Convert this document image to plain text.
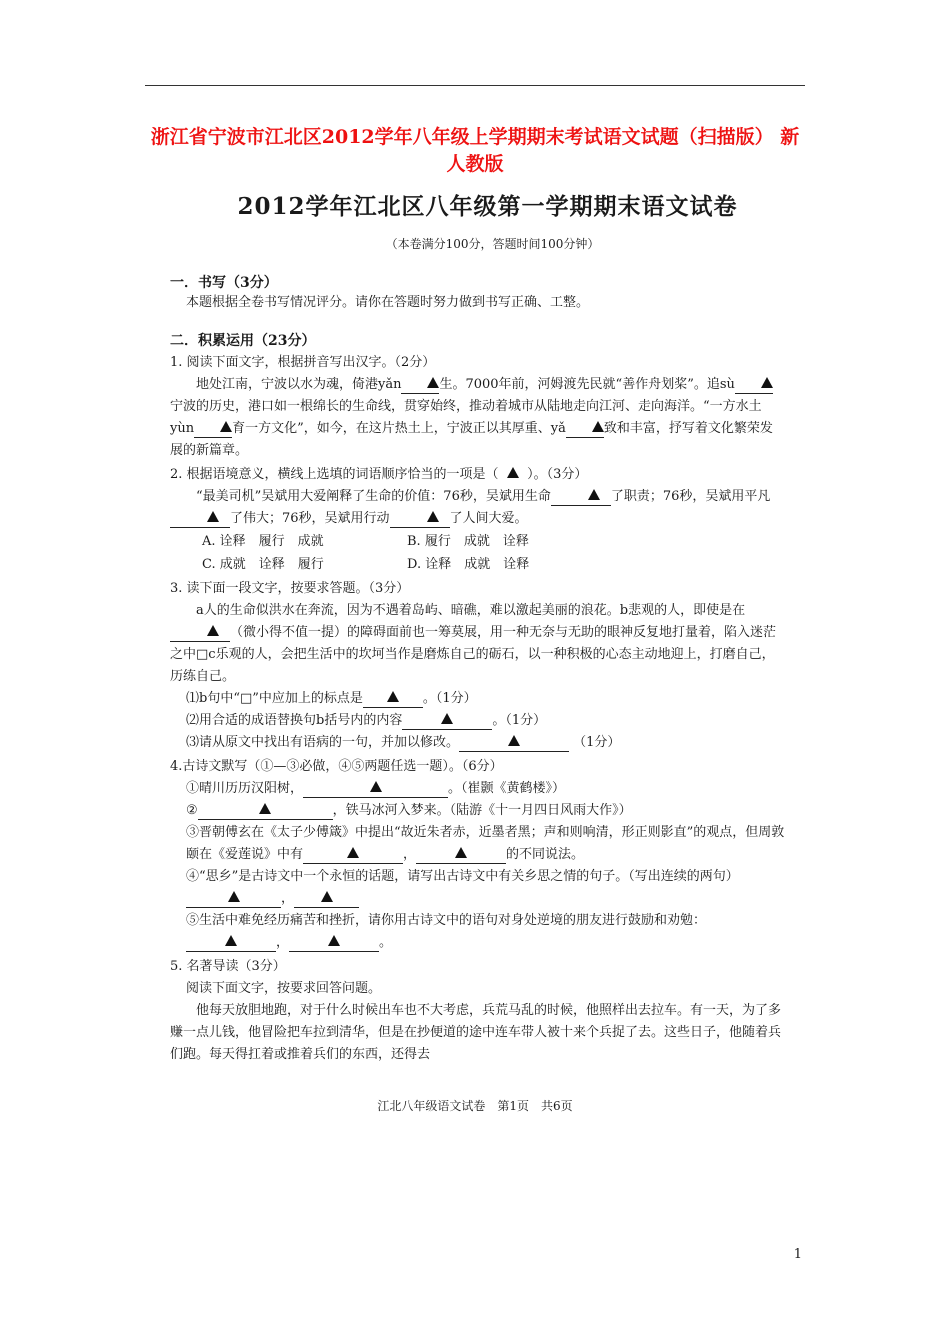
浙江省宁波市江北区2012学年八年级上学期期末考试语文试题（扫描版） 新人教版
2012学年江北区八年级第一学期期末语文试卷
（本卷满分100分，答题时间100分钟）
一．书写（3分）
本题根据全卷书写情况评分。请你在答题时努力做到书写正确、工整。
二．积累运用（23分）
1. 阅读下面文字，根据拼音写出汉字。（2分）
地处江南，宁波以水为魂，倚港yǎn	生。7000年前，河姆渡先民就“善作舟划桨”。追sù宁波的历史，港口如一根绵长的生命线，贯穿始终，推动着城市从陆地走向江河、走向海洋。“一方水土yùn	育一方文化”，如今，在这片热土上，宁波正以其厚重、yǎ	致和丰富，抒写着文化繁荣发展的新篇章。
2. 根据语境意义，横线上选填的词语顺序恰当的一项是（ ）。（3分）
“最美司机”吴斌用大爱阐释了生命的价值：76秒，吴斌用生命	了职责；76秒，吴斌用平凡了伟大；76秒，吴斌用行动	了人间大爱。
A. 诠释　履行　成就	B. 履行　成就　诠释
C. 成就　诠释　履行	D. 诠释　成就　诠释
3. 读下面一段文字，按要求答题。（3分）
a人的生命似洪水在奔流，因为不遇着岛屿、暗礁，难以激起美丽的浪花。b悲观的人，即使是在（微小得不值一提）的障碍面前也一筹莫展，用一种无奈与无助的眼神反复地打量着，陷入迷茫之中□c乐观的人，会把生活中的坎坷当作是磨炼自己的砺石，以一种积极的心态主动地迎上，打磨自己，历练自己。
⑴b句中“□”中应加上的标点是	。（1分）
⑵用合适的成语替换句b括号内的内容	。（1分）
⑶请从原文中找出有语病的一句，并加以修改。	（1分）
4.古诗文默写（①—③必做，④⑤两题任选一题）。（6分）
①晴川历历汉阳树，	。（崔颢《黄鹤楼》）
②	，铁马冰河入梦来。（陆游《十一月四日风雨大作》）
③晋朝傅玄在《太子少傅箴》中提出“故近朱者赤，近墨者黑；声和则响清，形正则影直”的观点，但周敦颐在《爱莲说》中有	，	的不同说法。
④“思乡”是古诗文中一个永恒的话题，请写出古诗文中有关乡思之情的句子。（写出连续的两句），
⑤生活中难免经历痛苦和挫折，请你用古诗文中的语句对身处逆境的朋友进行鼓励和劝勉：，	。
5. 名著导读（3分）
阅读下面文字，按要求回答问题。
他每天放胆地跑，对于什么时候出车也不大考虑，兵荒马乱的时候，他照样出去拉车。有一天，为了多赚一点儿钱，他冒险把车拉到清华，但是在抄便道的途中连车带人被十来个兵捉了去。这些日子，他随着兵们跑。每天得扛着或推着兵们的东西，还得去
江北八年级语文试卷　第1页　共6页
1
